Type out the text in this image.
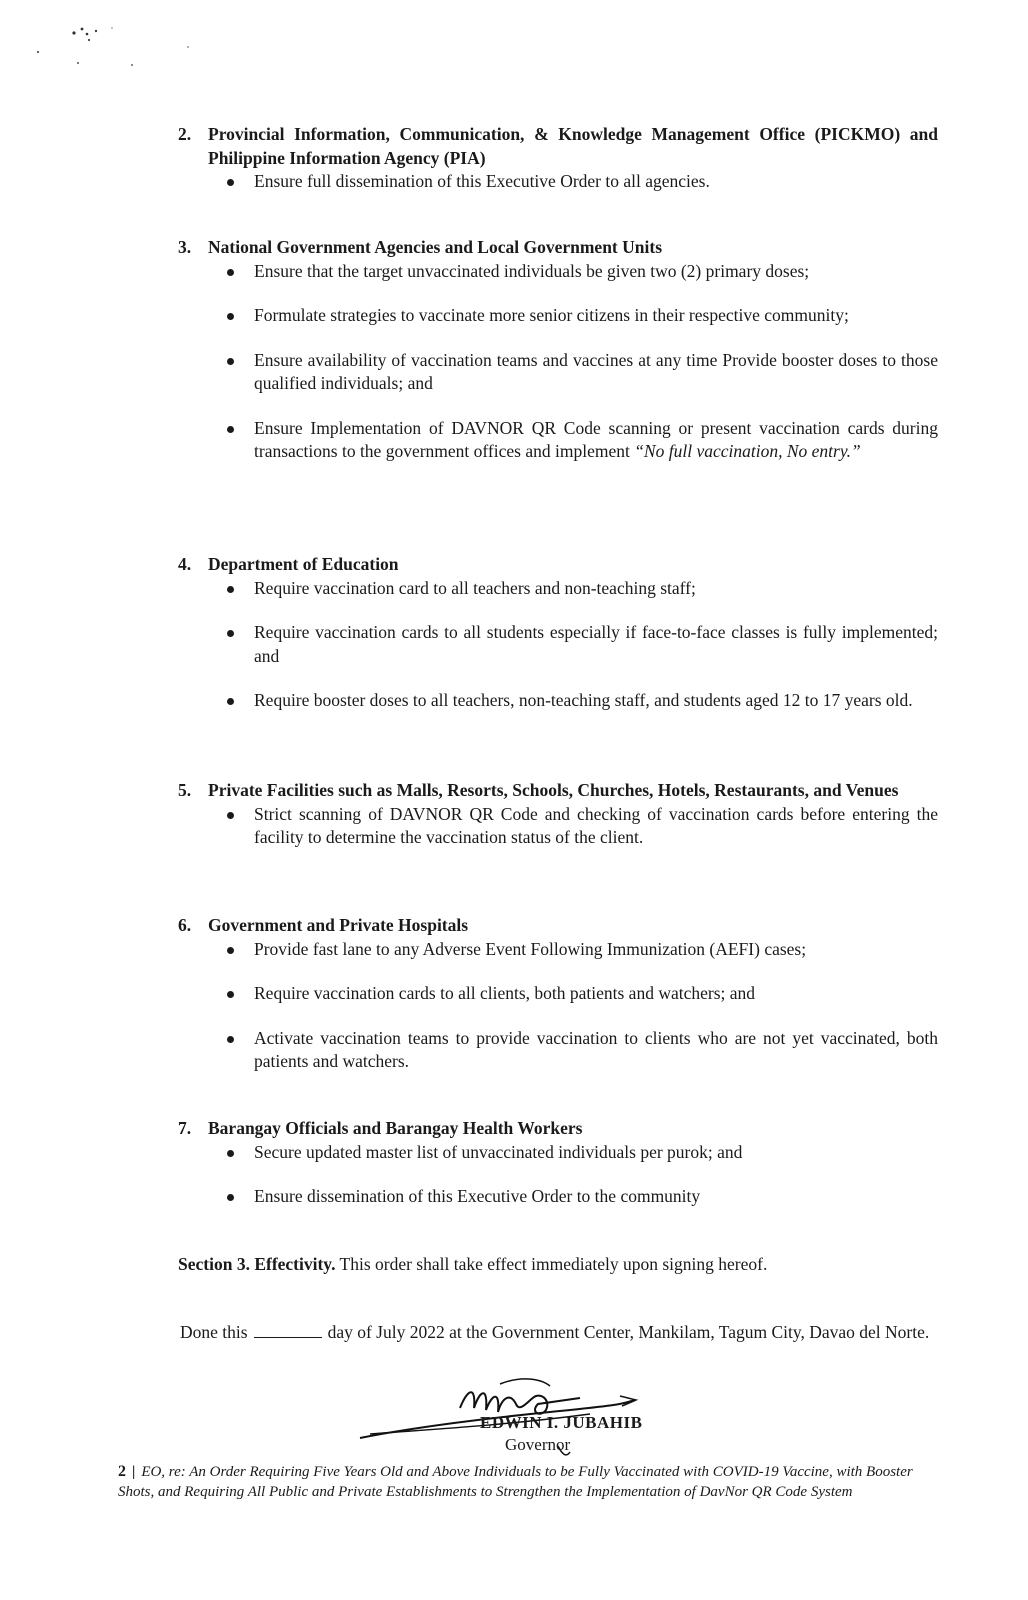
2. Provincial Information, Communication, & Knowledge Management Office (PICKMO) and Philippine Information Agency (PIA)
Ensure full dissemination of this Executive Order to all agencies.
3. National Government Agencies and Local Government Units
Ensure that the target unvaccinated individuals be given two (2) primary doses;
Formulate strategies to vaccinate more senior citizens in their respective community;
Ensure availability of vaccination teams and vaccines at any time Provide booster doses to those qualified individuals; and
Ensure Implementation of DAVNOR QR Code scanning or present vaccination cards during transactions to the government offices and implement “No full vaccination, No entry.”
4. Department of Education
Require vaccination card to all teachers and non-teaching staff;
Require vaccination cards to all students especially if face-to-face classes is fully implemented; and
Require booster doses to all teachers, non-teaching staff, and students aged 12 to 17 years old.
5. Private Facilities such as Malls, Resorts, Schools, Churches, Hotels, Restaurants, and Venues
Strict scanning of DAVNOR QR Code and checking of vaccination cards before entering the facility to determine the vaccination status of the client.
6. Government and Private Hospitals
Provide fast lane to any Adverse Event Following Immunization (AEFI) cases;
Require vaccination cards to all clients, both patients and watchers; and
Activate vaccination teams to provide vaccination to clients who are not yet vaccinated, both patients and watchers.
7. Barangay Officials and Barangay Health Workers
Secure updated master list of unvaccinated individuals per purok; and
Ensure dissemination of this Executive Order to the community
Section 3. Effectivity. This order shall take effect immediately upon signing hereof.
Done this	day of July 2022 at the Government Center, Mankilam, Tagum City, Davao del Norte.
EDWIN I. JUBAHIB
Governor
2 | EO, re: An Order Requiring Five Years Old and Above Individuals to be Fully Vaccinated with COVID-19 Vaccine, with Booster Shots, and Requiring All Public and Private Establishments to Strengthen the Implementation of DavNor QR Code System
